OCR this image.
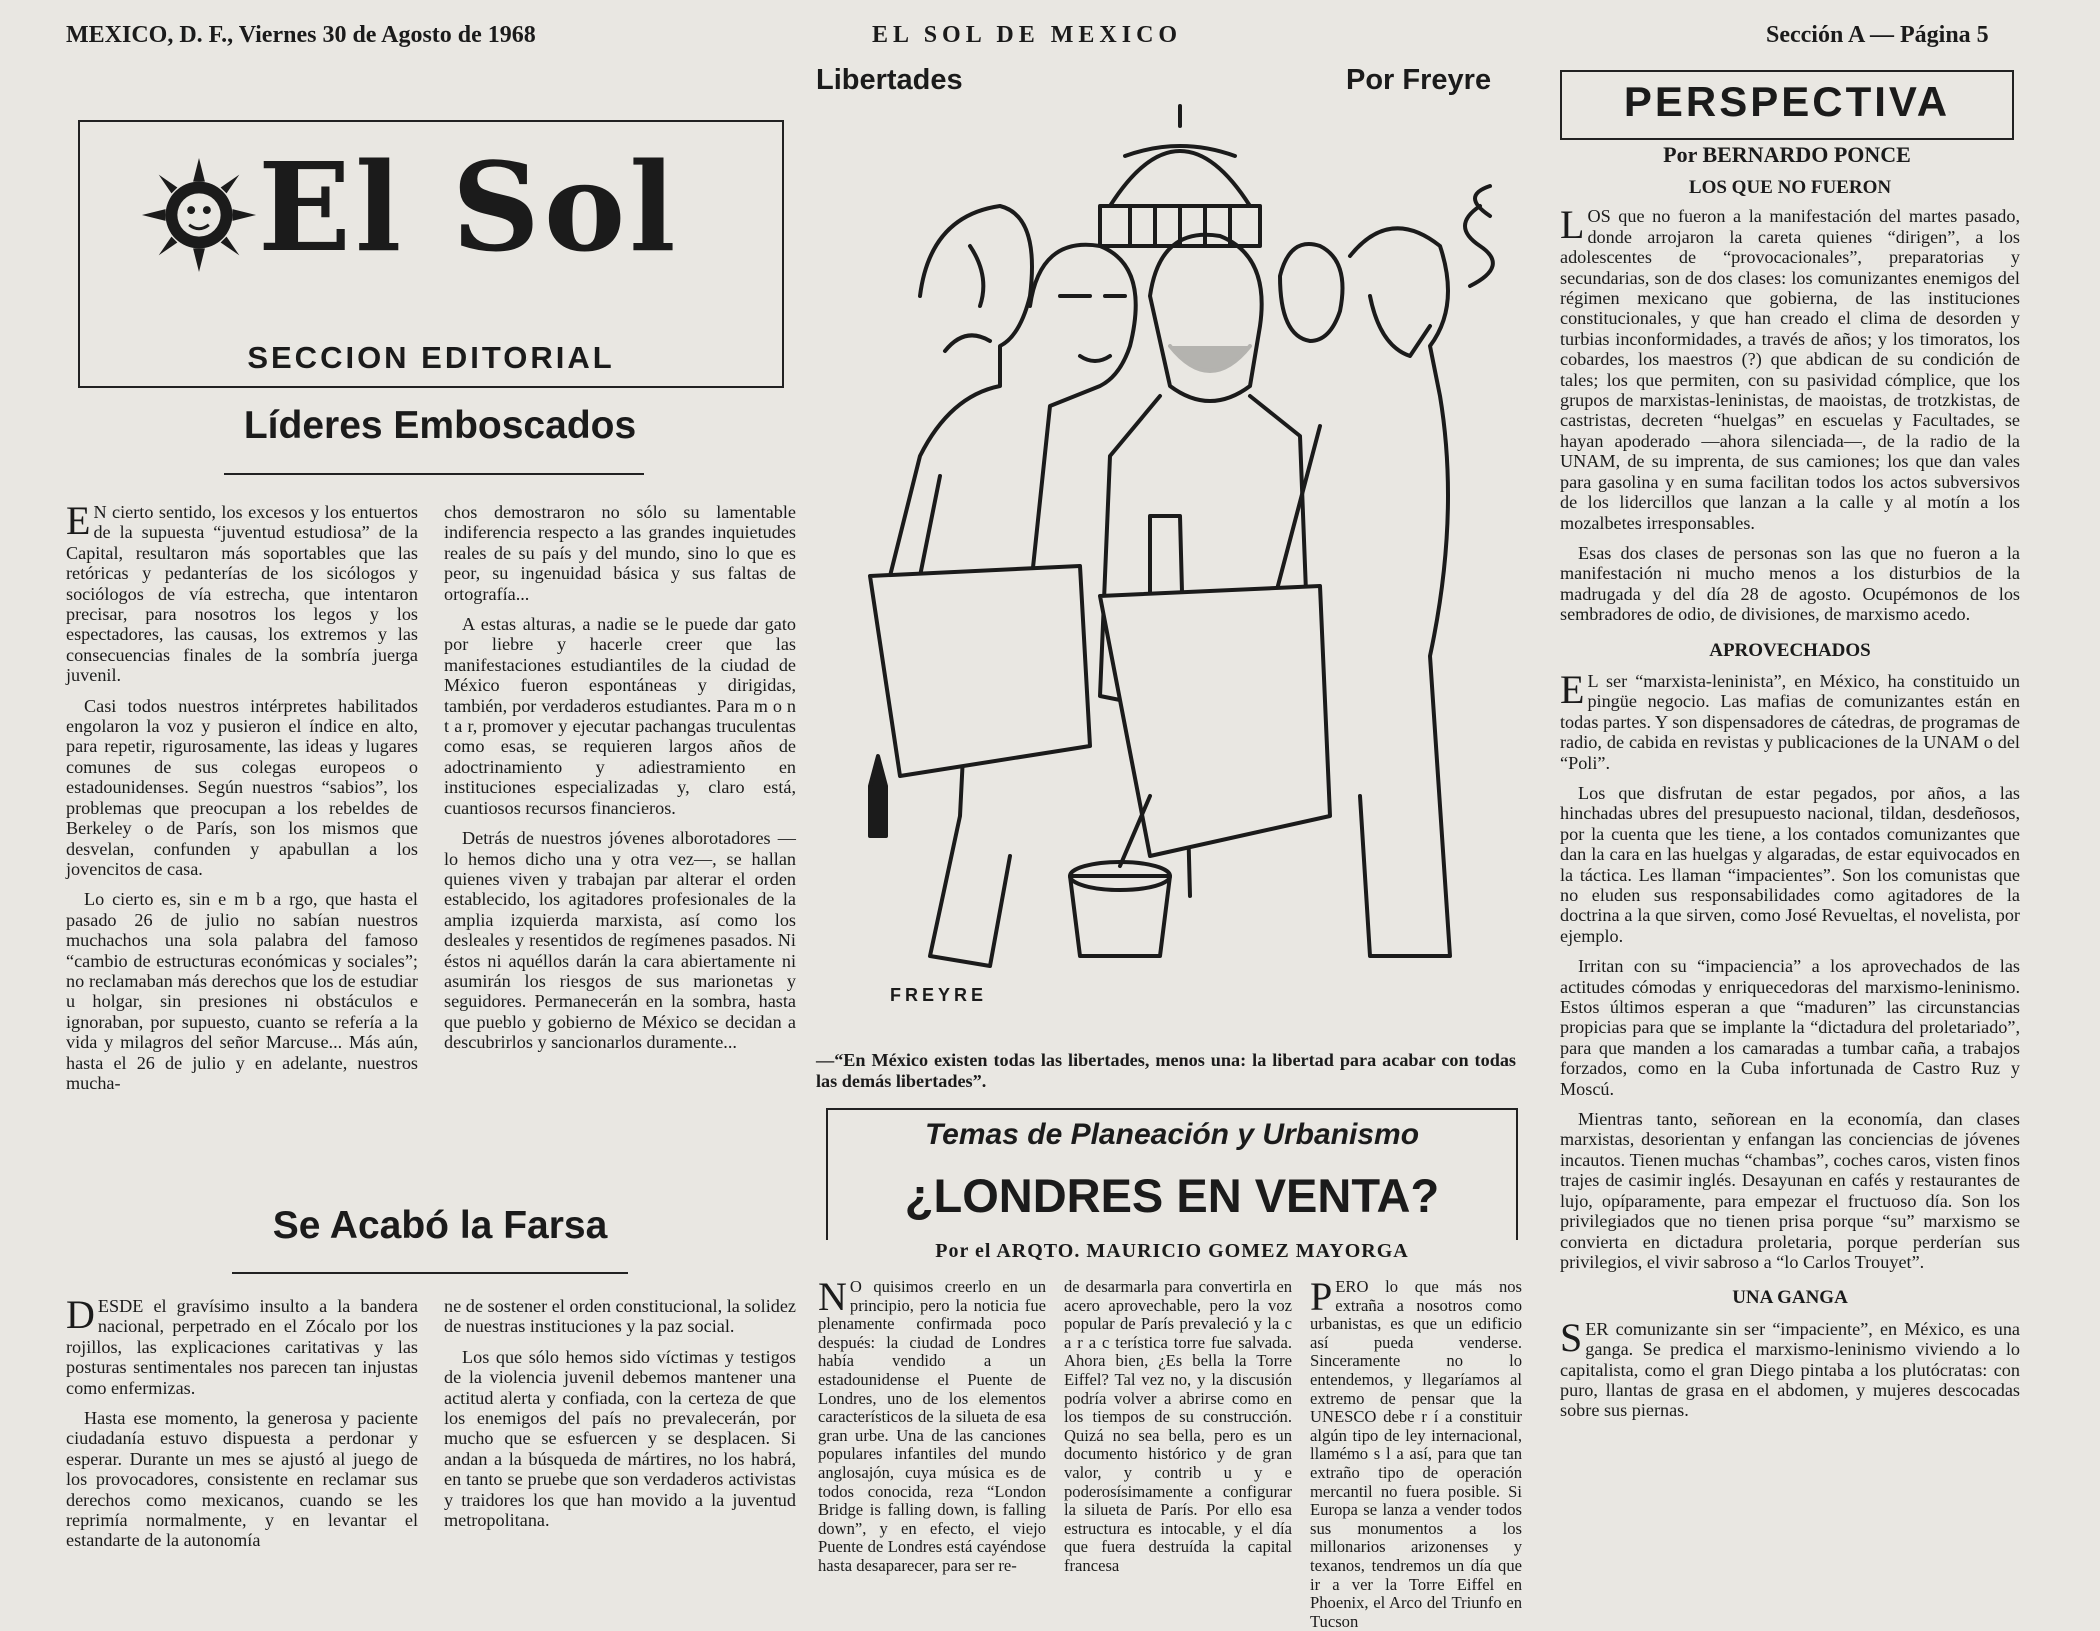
MEXICO, D. F., Viernes 30 de Agosto de 1968	EL SOL DE MEXICO	Sección A — Página 5
El Sol
SECCION EDITORIAL
Líderes Emboscados

EN cierto sentido, los excesos y los entuertos de la supuesta “juventud estudiosa” de la Capital, resultaron más soportables que las retóricas y pedanterías de los sicólogos y sociólogos de vía estrecha, que intentaron precisar, para nosotros los legos y los espectadores, las causas, los extremos y las consecuencias finales de la sombría juerga juvenil.

Casi todos nuestros intérpretes habilitados engolaron la voz y pusieron el índice en alto, para repetir, rigurosamente, las ideas y lugares comunes de sus colegas europeos o estadounidenses. Según nuestros “sabios”, los problemas que preocupan a los rebeldes de Berkeley o de París, son los mismos que desvelan, confunden y apabullan a los jovencitos de casa.

Lo cierto es, sin e m b a rgo, que hasta el pasado 26 de julio no sabían nuestros muchachos una sola palabra del famoso “cambio de estructuras económicas y sociales”; no reclamaban más derechos que los de estudiar u holgar, sin presiones ni obstáculos e ignoraban, por supuesto, cuanto se refería a la vida y milagros del señor Marcuse... Más aún, hasta el 26 de julio y en adelante, nuestros mucha-

chos demostraron no sólo su lamentable indiferencia respecto a las grandes inquietudes reales de su país y del mundo, sino lo que es peor, su ingenuidad básica y sus faltas de ortografía...

A estas alturas, a nadie se le puede dar gato por liebre y hacerle creer que las manifestaciones estudiantiles de la ciudad de México fueron espontáneas y dirigidas, también, por verdaderos estudiantes. Para m o n t a r, promover y ejecutar pachangas truculentas como esas, se requieren largos años de adoctrinamiento y adiestramiento en instituciones especializadas y, claro está, cuantiosos recursos financieros.

Detrás de nuestros jóvenes alborotadores —lo hemos dicho una y otra vez—, se hallan quienes viven y trabajan par alterar el orden establecido, los agitadores profesionales de la amplia izquierda marxista, así como los desleales y resentidos de regímenes pasados. Ni éstos ni aquéllos darán la cara abiertamente ni asumirán los riesgos de sus marionetas y seguidores. Permanecerán en la sombra, hasta que pueblo y gobierno de México se decidan a descubrirlos y sancionarlos duramente...

Se Acabó la Farsa

DESDE el gravísimo insulto a la bandera nacional, perpetrado en el Zócalo por los rojillos, las explicaciones caritativas y las posturas sentimentales nos parecen tan injustas como enfermizas.

Hasta ese momento, la generosa y paciente ciudadanía estuvo dispuesta a perdonar y esperar. Durante un mes se ajustó al juego de los provocadores, consistente en reclamar sus derechos como mexicanos, cuando se les reprimía normalmente, y en levantar el estandarte de la autonomía

ne de sostener el orden constitucional, la solidez de nuestras instituciones y la paz social.

Los que sólo hemos sido víctimas y testigos de la violencia juvenil debemos mantener una actitud alerta y confiada, con la certeza de que los enemigos del país no prevalecerán, por mucho que se esfuercen y se desplacen. Si andan a la búsqueda de mártires, no los habrá, en tanto se pruebe que son verdaderos activistas y traidores los que han movido a la juventud metropolitana.

Libertades	Por Freyre
FREYRE
—“En México existen todas las libertades, menos una: la libertad para acabar con todas las demás libertades”.
Temas de Planeación y Urbanismo
¿LONDRES EN VENTA?
Por el ARQTO. MAURICIO GOMEZ MAYORGA

NO quisimos creerlo en un principio, pero la noticia fue plenamente confirmada poco después: la ciudad de Londres había vendido a un estadounidense el Puente de Londres, uno de los elementos característicos de la silueta de esa gran urbe. Una de las canciones populares infantiles del mundo anglosajón, cuya música es de todos conocida, reza “London Bridge is falling down, is falling down”, y en efecto, el viejo Puente de Londres está cayéndose hasta desaparecer, para ser re-

de desarmarla para convertirla en acero aprovechable, pero la voz popular de París prevaleció y la c a r a c terística torre fue salvada. Ahora bien, ¿Es bella la Torre Eiffel? Tal vez no, y la discusión podría volver a abrirse como en los tiempos de su construcción. Quizá no sea bella, pero es un documento histórico y de gran valor, y contrib u y e poderosísimamente a configurar la silueta de París. Por ello esa estructura es intocable, y el día que fuera destruída la capital francesa

PERO lo que más nos extraña a nosotros como urbanistas, es que un edificio así pueda venderse. Sinceramente no lo entendemos, y llegaríamos al extremo de pensar que la UNESCO debe r í a constituir algún tipo de ley internacional, llamémo s l a así, para que tan extraño tipo de operación mercantil no fuera posible. Si Europa se lanza a vender todos sus monumentos a los millonarios arizonenses y texanos, tendremos un día que ir a ver la Torre Eiffel en Phoenix, el Arco del Triunfo en Tucson

PERSPECTIVA
Por BERNARDO PONCE
LOS QUE NO FUERON

LOS que no fueron a la manifestación del martes pasado, donde arrojaron la careta quienes “dirigen”, a los adolescentes de “provocacionales”, preparatorias y secundarias, son de dos clases: los comunizantes enemigos del régimen mexicano que gobierna, de las instituciones constitucionales, y que han creado el clima de desorden y turbias inconformidades, a través de años; y los timoratos, los cobardes, los maestros (?) que abdican de su condición de tales; los que permiten, con su pasividad cómplice, que los grupos de marxistas-leninistas, de maoistas, de trotzkistas, de castristas, decreten “huelgas” en escuelas y Facultades, se hayan apoderado —ahora silenciada—, de la radio de la UNAM, de su imprenta, de sus camiones; los que dan vales para gasolina y en suma facilitan todos los actos subversivos de los lidercillos que lanzan a la calle y al motín a los mozalbetes irresponsables.

Esas dos clases de personas son las que no fueron a la manifestación ni mucho menos a los disturbios de la madrugada y del día 28 de agosto. Ocupémonos de los sembradores de odio, de divisiones, de marxismo acedo.

APROVECHADOS

EL ser “marxista-leninista”, en México, ha constituido un pingüe negocio. Las mafias de comunizantes están en todas partes. Y son dispensadores de cátedras, de programas de radio, de cabida en revistas y publicaciones de la UNAM o del “Poli”.

Los que disfrutan de estar pegados, por años, a las hinchadas ubres del presupuesto nacional, tildan, desdeñosos, por la cuenta que les tiene, a los contados comunizantes que dan la cara en las huelgas y algaradas, de estar equivocados en la táctica. Les llaman “impacientes”. Son los comunistas que no eluden sus responsabilidades como agitadores de la doctrina a la que sirven, como José Revueltas, el novelista, por ejemplo.

Irritan con su “impaciencia” a los aprovechados de las actitudes cómodas y enriquecedoras del marxismo-leninismo. Estos últimos esperan a que “maduren” las circunstancias propicias para que se implante la “dictadura del proletariado”, para que manden a los camaradas a tumbar caña, a trabajos forzados, como en la Cuba infortunada de Castro Ruz y Moscú.

Mientras tanto, señorean en la economía, dan clases marxistas, desorientan y enfangan las conciencias de jóvenes incautos. Tienen muchas “chambas”, coches caros, visten finos trajes de casimir inglés. Desayunan en cafés y restaurantes de lujo, opíparamente, para empezar el fructuoso día. Son los privilegiados que no tienen prisa porque “su” marxismo se convierta en dictadura proletaria, porque perderían sus privilegios, el vivir sabroso a “lo Carlos Trouyet”.

UNA GANGA

SER comunizante sin ser “impaciente”, en México, es una ganga. Se predica el marxismo-leninismo viviendo a lo capitalista, como el gran Diego pintaba a los plutócratas: con puro, llantas de grasa en el abdomen, y mujeres descocadas sobre sus piernas.
